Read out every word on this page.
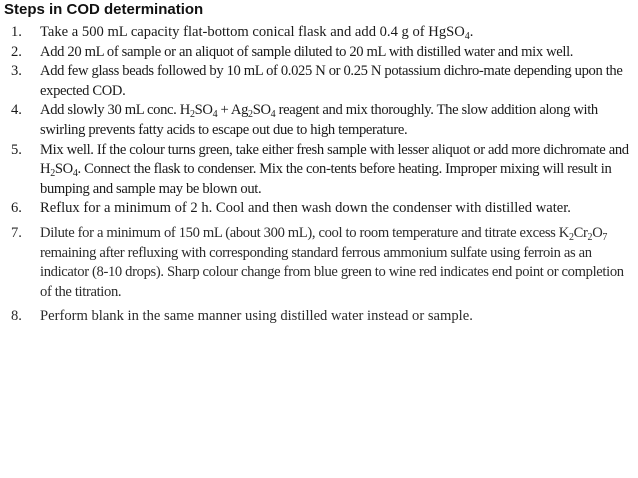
Steps in COD determination
1. Take a 500 mL capacity flat-bottom conical flask and add 0.4 g of HgSO$_4$.
2. Add 20 mL of sample or an aliquot of sample diluted to 20 mL with distilled water and mix well.
3. Add few glass beads followed by 10 mL of 0.025 N or 0.25 N potassium dichro-mate depending upon the expected COD.
4. Add slowly 30 mL conc. $H_2SO_4 + Ag_2SO_4$ reagent and mix thoroughly. The slow addition along with swirling prevents fatty acids to escape out due to high temperature.
5. Mix well. If the colour turns green, take either fresh sample with lesser aliquot or add more dichromate and $H_2SO_4$. Connect the flask to condenser. Mix the con-tents before heating. Improper mixing will result in bumping and sample may be blown out.
6. Reflux for a minimum of 2 h. Cool and then wash down the condenser with distilled water.
7. Dilute for a minimum of 150 mL (about 300 mL), cool to room temperature and titrate excess $K_2Cr_2O_7$ remaining after refluxing with corresponding standard ferrous ammonium sulfate using ferroin as an indicator (8-10 drops). Sharp colour change from blue green to wine red indicates end point or completion of the titration.
8. Perform blank in the same manner using distilled water instead or sample.
